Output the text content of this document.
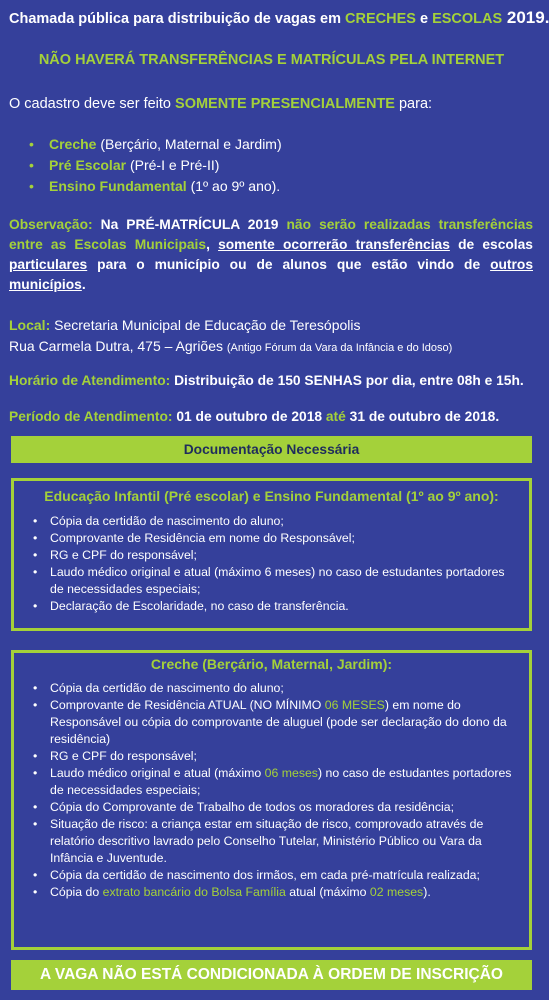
Chamada pública para distribuição de vagas em CRECHES e ESCOLAS 2019.
NÃO HAVERÁ TRANSFERÊNCIAS E MATRÍCULAS PELA INTERNET
O cadastro deve ser feito SOMENTE PRESENCIALMENTE para:
• Creche (Berçário, Maternal e Jardim)
• Pré Escolar (Pré-I e Pré-II)
• Ensino Fundamental (1º ao 9º ano).
Observação: Na PRÉ-MATRÍCULA 2019 não serão realizadas transferências entre as Escolas Municipais, somente ocorrerão transferências de escolas particulares para o município ou de alunos que estão vindo de outros municípios.
Local: Secretaria Municipal de Educação de Teresópolis
Rua Carmela Dutra, 475 – Agriões (Antigo Fórum da Vara da Infância e do Idoso)
Horário de Atendimento: Distribuição de 150 SENHAS por dia, entre 08h e 15h.
Período de Atendimento: 01 de outubro de 2018 até 31 de outubro de 2018.
Documentação Necessária
Educação Infantil (Pré escolar) e Ensino Fundamental (1º ao 9º ano):
• Cópia da certidão de nascimento do aluno;
• Comprovante de Residência em nome do Responsável;
• RG e CPF do responsável;
• Laudo médico original e atual (máximo 6 meses) no caso de estudantes portadores de necessidades especiais;
• Declaração de Escolaridade, no caso de transferência.
Creche (Berçário, Maternal, Jardim):
• Cópia da certidão de nascimento do aluno;
• Comprovante de Residência ATUAL (NO MÍNIMO 06 MESES) em nome do Responsável ou cópia do comprovante de aluguel (pode ser declaração do dono da residência)
• RG e CPF do responsável;
• Laudo médico original e atual (máximo 06 meses) no caso de estudantes portadores de necessidades especiais;
• Cópia do Comprovante de Trabalho de todos os moradores da residência;
• Situação de risco: a criança estar em situação de risco, comprovado através de relatório descritivo lavrado pelo Conselho Tutelar, Ministério Público ou Vara da Infância e Juventude.
• Cópia da certidão de nascimento dos irmãos, em cada pré-matrícula realizada;
• Cópia do extrato bancário do Bolsa Família atual (máximo 02 meses).
A VAGA NÃO ESTÁ CONDICIONADA À ORDEM DE INSCRIÇÃO
